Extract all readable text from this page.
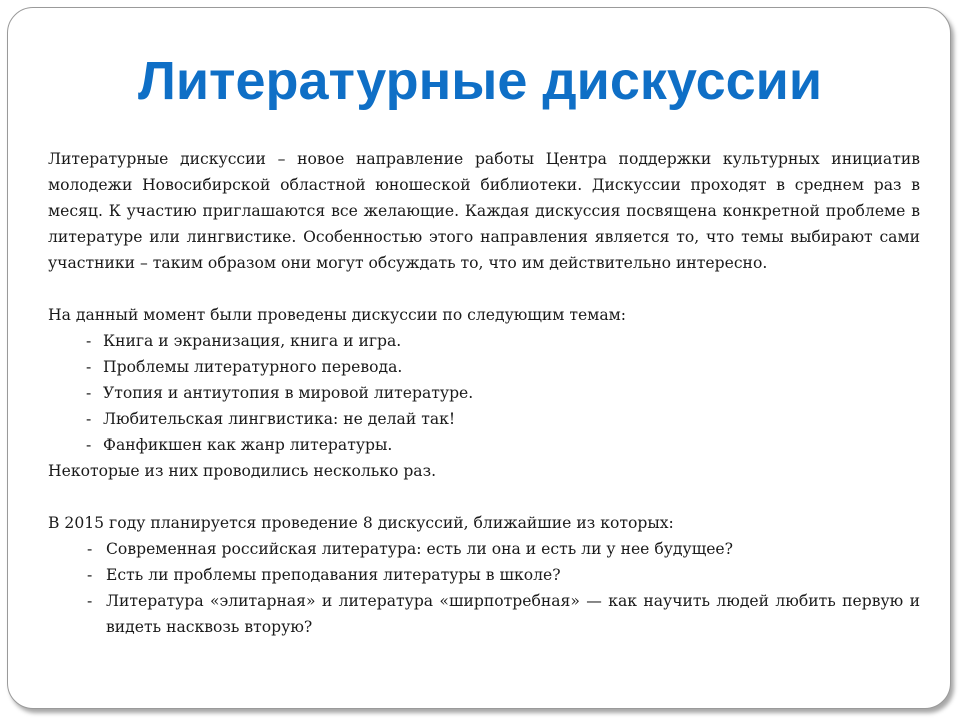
Литературные дискуссии

Литературные дискуссии – новое направление работы Центра поддержки культурных инициатив молодежи Новосибирской областной юношеской библиотеки. Дискуссии проходят в среднем раз в месяц. К участию приглашаются все желающие. Каждая дискуссия посвящена конкретной проблеме в литературе или лингвистике. Особенностью этого направления является то, что темы выбирают сами участники – таким образом они могут обсуждать то, что им действительно интересно.

На данный момент были проведены дискуссии по следующим темам:

- Книга и экранизация, книга и игра.
- Проблемы литературного перевода.
- Утопия и антиутопия в мировой литературе.
- Любительская лингвистика: не делай так!
- Фанфикшен как жанр литературы.

Некоторые из них проводились несколько раз.

В 2015 году планируется проведение 8 дискуссий, ближайшие из которых:

- Современная российская литература: есть ли она и есть ли у нее будущее?
- Есть ли проблемы преподавания литературы в школе?
- Литература «элитарная» и литература «ширпотребная» — как научить людей любить первую и видеть насквозь вторую?
